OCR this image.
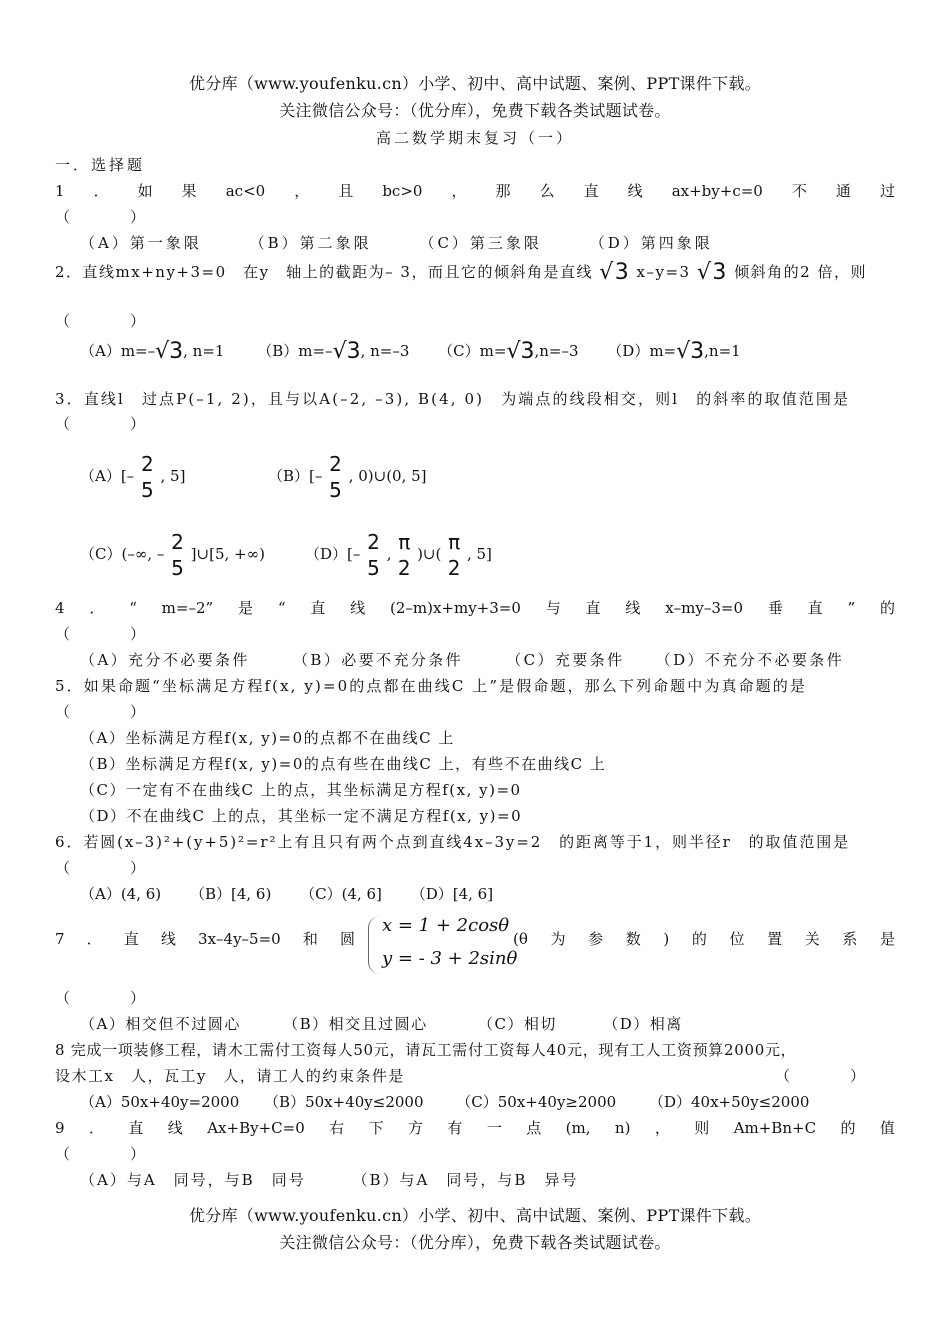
优分库（www.youfenku.cn）小学、初中、高中试题、案例、PPT课件下载。
关注微信公众号：（优分库），免费下载各类试题试卷。
高二数学期末复习（一）
一．选择题
1 ． 如 果 ac<0 ， 且 bc>0 ， 那 么 直 线 ax+by+c=0 不 通 过
（　　　　）
（A）第一象限	（B）第二象限	（C）第三象限	（D）第四象限
2．直线mx+ny+3=0　在y　轴上的截距为– 3，而且它的倾斜角是直线 √3 x–y=3 √3 倾斜角的2 倍，则
（　　　　）
（A）m=–√3, n=1 （B）m=–√3, n=–3 （C）m=√3,n=–3 （D）m=√3,n=1
3．直线l　过点P(–1, 2)，且与以A(–2, –3), B(4, 0)　为端点的线段相交，则l　的斜率的取值范围是
（　　　　）
（A）[– 2
5
, 5]	（B）[– 2
5
, 0)∪(0, 5]
（C）(–∞, – 2
5
]∪[5, +∞)	（D）[– 2
5
, π
2
)∪( π
2
, 5]
4 ． “ m=–2” 是 “ 直 线 (2–m)x+my+3=0 与 直 线 x–my–3=0 垂 直 ” 的
（　　　　）
（A）充分不必要条件	（B）必要不充分条件	（C）充要条件 （D）不充分不必要条件
5．如果命题“坐标满足方程f(x, y)=0的点都在曲线C 上”是假命题，那么下列命题中为真命题的是
（　　　　）
（A）坐标满足方程f(x, y)=0的点都不在曲线C 上
（B）坐标满足方程f(x, y)=0的点有些在曲线C 上，有些不在曲线C 上
（C）一定有不在曲线C 上的点，其坐标满足方程f(x, y)=0
（D）不在曲线C 上的点，其坐标一定不满足方程f(x, y)=0
6．若圆(x–3)²+(y+5)²=r²上有且只有两个点到直线4x–3y=2　的距离等于1，则半径r　的取值范围是
（　　　　）
（A）(4, 6) （B）[4, 6) （C）(4, 6] （D）[4, 6]
7 ． 直 线 3x–4y–5=0 和 圆
x = 1 + 2cosθ
y = - 3 + 2sinθ
(θ 为 参 数 ) 的 位 置 关 系 是
（　　　　）
（A）相交但不过圆心	（B）相交且过圆心	（C）相切	（D）相离
8 完成一项装修工程，请木工需付工资每人50元，请瓦工需付工资每人40元，现有工人工资预算2000元，
设木工x　人，瓦工y　人，请工人的约束条件是	（　　　　）
（A）50x+40y=2000 （B）50x+40y≤2000 （C）50x+40y≥2000 （D）40x+50y≤2000
9 ． 直 线 Ax+By+C=0 右 下 方 有 一 点 (m, n) ， 则 Am+Bn+C 的 值
（　　　　）
（A）与A　同号，与B　同号	（B）与A　同号，与B　异号
优分库（www.youfenku.cn）小学、初中、高中试题、案例、PPT课件下载。
关注微信公众号：（优分库），免费下载各类试题试卷。
